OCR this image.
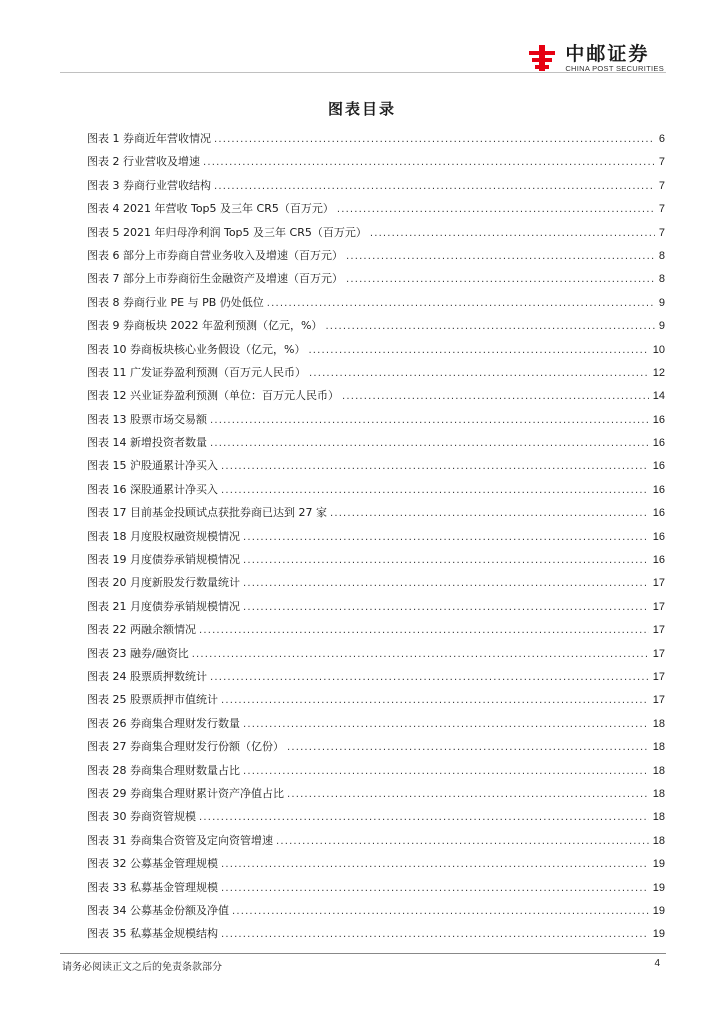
中邮证券
CHINA POST SECURITIES
图表目录
图表 1 券商近年营收情况 . . .	6
图表 2 行业营收及增速 . . .	7
图表 3 券商行业营收结构 . . .	7
图表 4 2021 年营收 Top5 及三年 CR5（百万元） . . .	7
图表 5 2021 年归母净利润 Top5 及三年 CR5（百万元） . . .	7
图表 6 部分上市券商自营业务收入及增速（百万元） . . .	8
图表 7 部分上市券商衍生金融资产及增速（百万元） . . .	8
图表 8 券商行业 PE 与 PB 仍处低位 . . .	9
图表 9 券商板块 2022 年盈利预测（亿元，%） . . .	9
图表 10 券商板块核心业务假设（亿元，%） . . .	10
图表 11 广发证券盈利预测（百万元人民币） . . .	12
图表 12 兴业证券盈利预测（单位：百万元人民币） . . .	14
图表 13 股票市场交易额 . . .	16
图表 14 新增投资者数量 . . .	16
图表 15 沪股通累计净买入 . . .	16
图表 16 深股通累计净买入 . . .	16
图表 17 目前基金投顾试点获批券商已达到 27 家 . . .	16
图表 18 月度股权融资规模情况 . . .	16
图表 19 月度债券承销规模情况 . . .	16
图表 20 月度新股发行数量统计 . . .	17
图表 21 月度债券承销规模情况 . . .	17
图表 22 两融余额情况 . . .	17
图表 23 融券/融资比 . . .	17
图表 24 股票质押数统计 . . .	17
图表 25 股票质押市值统计 . . .	17
图表 26 券商集合理财发行数量 . . .	18
图表 27 券商集合理财发行份额（亿份） . . .	18
图表 28 券商集合理财数量占比 . . .	18
图表 29 券商集合理财累计资产净值占比 . . .	18
图表 30 券商资管规模 . . .	18
图表 31 券商集合资管及定向资管增速 . . .	18
图表 32 公募基金管理规模 . . .	19
图表 33 私募基金管理规模 . . .	19
图表 34 公募基金份额及净值 . . .	19
图表 35 私募基金规模结构 . . .	19
请务必阅读正文之后的免责条款部分	4
